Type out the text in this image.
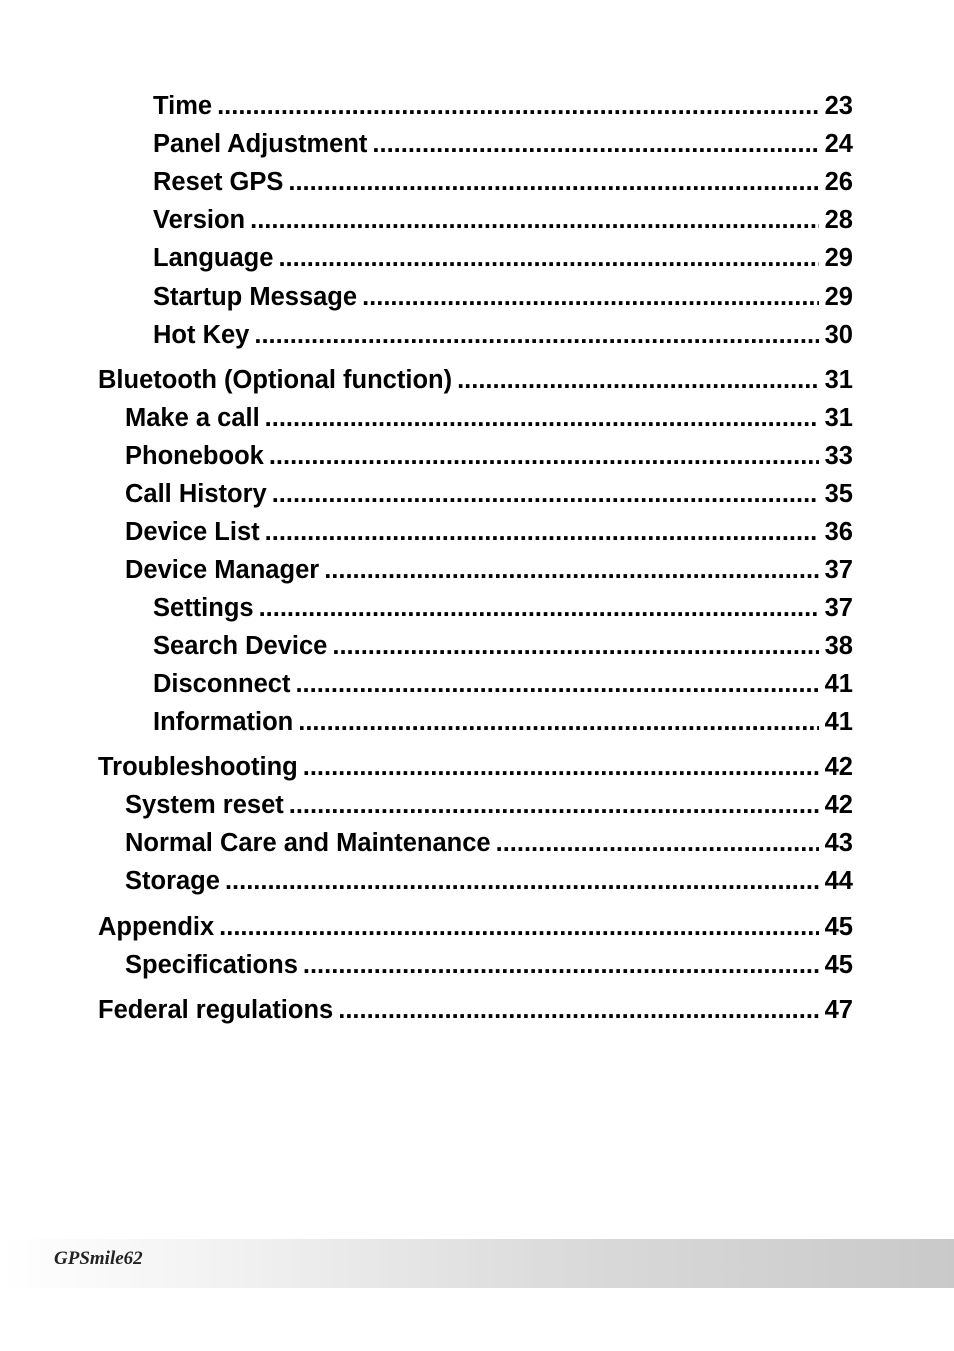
Time .....	23
Panel Adjustment .....	24
Reset GPS .....	26
Version .....	28
Language .....	29
Startup Message .....	29
Hot Key .....	30
Bluetooth (Optional function) .....	31
Make a call .....	31
Phonebook .....	33
Call History .....	35
Device List .....	36
Device Manager .....	37
Settings .....	37
Search Device .....	38
Disconnect .....	41
Information .....	41
Troubleshooting .....	42
System reset .....	42
Normal Care and Maintenance .....	43
Storage .....	44
Appendix .....	45
Specifications .....	45
Federal regulations .....	47
GPSmile62
